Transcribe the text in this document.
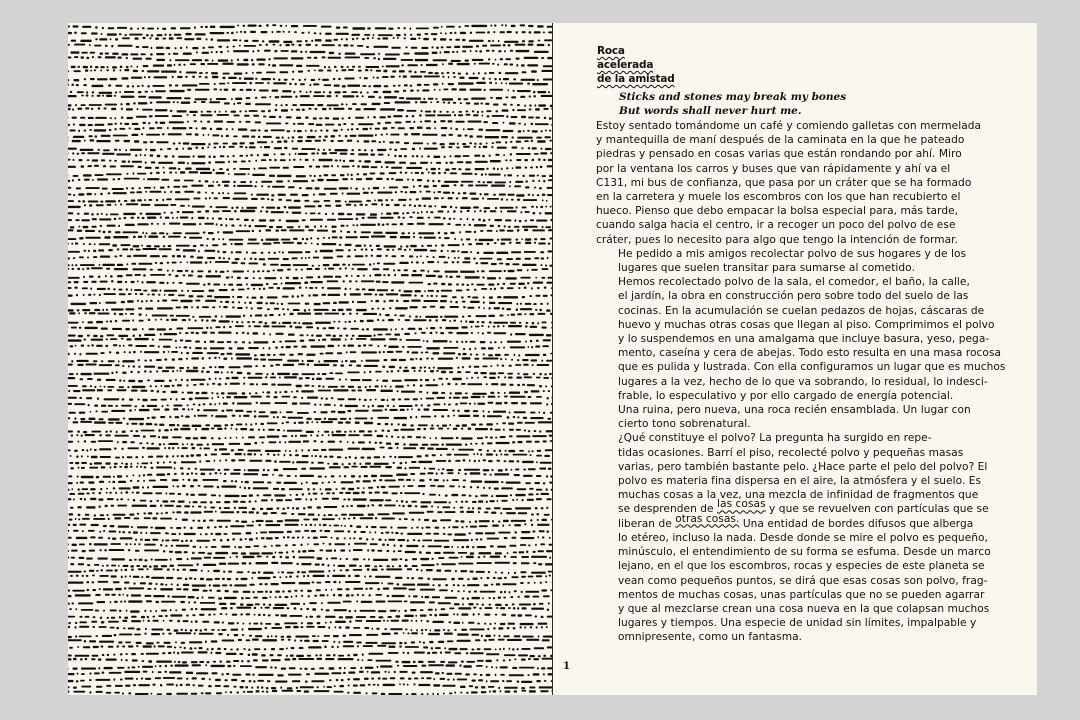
Roca
acelerada
de la amistad
Sticks and stones may break my bones
But words shall never hurt me.

Estoy sentado tomándome un café y comiendo galletas con mermelada
y mantequilla de maní después de la caminata en la que he pateado
piedras y pensado en cosas varias que están rondando por ahí. Miro
por la ventana los carros y buses que van rápidamente y ahí va el
C131, mi bus de confianza, que pasa por un cráter que se ha formado
en la carretera y muele los escombros con los que han recubierto el
hueco. Pienso que debo empacar la bolsa especial para, más tarde,
cuando salga hacia el centro, ir a recoger un poco del polvo de ese
cráter, pues lo necesito para algo que tengo la intención de formar.

He pedido a mis amigos recolectar polvo de sus hogares y de los
lugares que suelen transitar para sumarse al cometido.

Hemos recolectado polvo de la sala, el comedor, el baño, la calle,
el jardín, la obra en construcción pero sobre todo del suelo de las
cocinas. En la acumulación se cuelan pedazos de hojas, cáscaras de
huevo y muchas otras cosas que llegan al piso. Comprimimos el polvo
y lo suspendemos en una amalgama que incluye basura, yeso, pega-
mento, caseína y cera de abejas. Todo esto resulta en una masa rocosa
que es pulida y lustrada. Con ella configuramos un lugar que es muchos
lugares a la vez, hecho de lo que va sobrando, lo residual, lo indesci-
frable, lo especulativo y por ello cargado de energía potencial.

Una ruina, pero nueva, una roca recién ensamblada. Un lugar con
cierto tono sobrenatural.

¿Qué constituye el polvo? La pregunta ha surgido en repe-
tidas ocasiones. Barrí el piso, recolecté polvo y pequeñas masas
varias, pero también bastante pelo. ¿Hace parte el pelo del polvo? El
polvo es materia fina dispersa en el aire, la atmósfera y el suelo. Es
muchas cosas a la vez, una mezcla de infinidad de fragmentos que
se desprenden de las cosas y que se revuelven con partículas que se
liberan de otras cosas. Una entidad de bordes difusos que alberga
lo etéreo, incluso la nada. Desde donde se mire el polvo es pequeño,
minúsculo, el entendimiento de su forma se esfuma. Desde un marco
lejano, en el que los escombros, rocas y especies de este planeta se
vean como pequeños puntos, se dirá que esas cosas son polvo, frag-
mentos de muchas cosas, unas partículas que no se pueden agarrar
y que al mezclarse crean una cosa nueva en la que colapsan muchos
lugares y tiempos. Una especie de unidad sin límites, impalpable y
omnipresente, como un fantasma.

1
